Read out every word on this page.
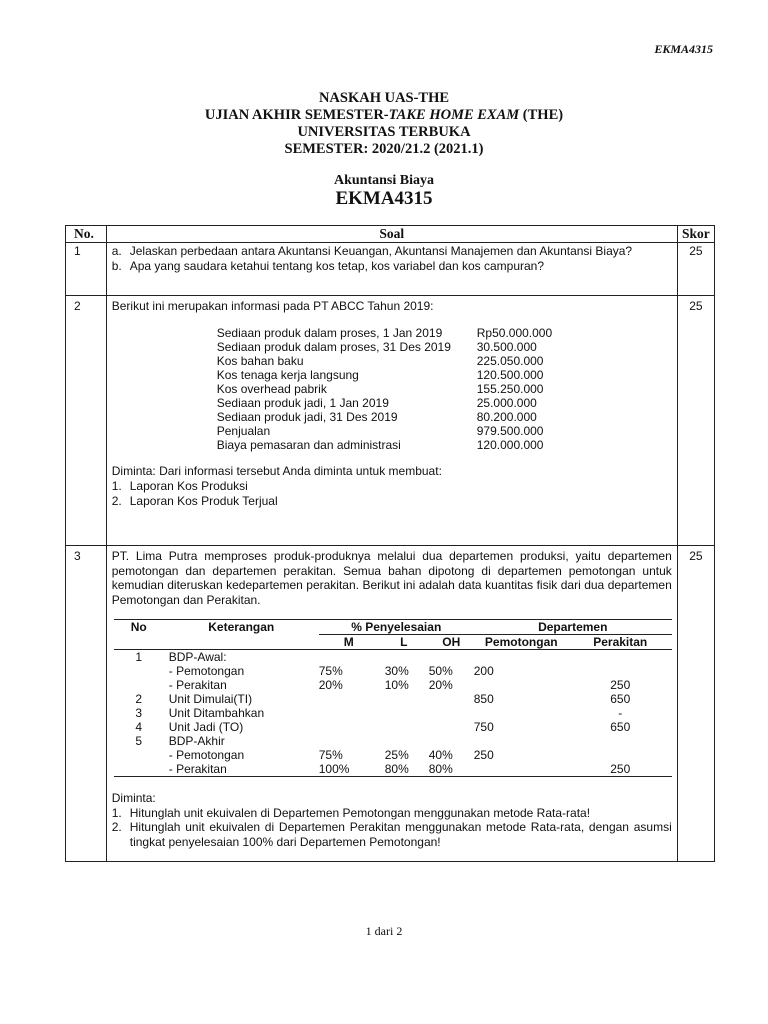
EKMA4315
NASKAH UAS-THE
UJIAN AKHIR SEMESTER-TAKE HOME EXAM (THE)
UNIVERSITAS TERBUKA
SEMESTER: 2020/21.2 (2021.1)
Akuntansi Biaya
EKMA4315
No.	Soal	Skor
1	a. Jelaskan perbedaan antara Akuntansi Keuangan, Akuntansi Manajemen dan Akuntansi Biaya?
b. Apa yang saudara ketahui tentang kos tetap, kos variabel dan kos campuran?
	25
2	Berikut ini merupakan informasi pada PT ABCC Tahun 2019:
Sediaan produk dalam proses, 1 Jan 2019	Rp50.000.000
Sediaan produk dalam proses, 31 Des 2019	30.500.000
Kos bahan baku	225.050.000
Kos tenaga kerja langsung	120.500.000
Kos overhead pabrik	155.250.000
Sediaan produk jadi, 1 Jan 2019	25.000.000
Sediaan produk jadi, 31 Des 2019	80.200.000
Penjualan	979.500.000
Biaya pemasaran dan administrasi	120.000.000
Diminta: Dari informasi tersebut Anda diminta untuk membuat:
1. Laporan Kos Produksi
2. Laporan Kos Produk Terjual
	25
3	PT. Lima Putra memproses produk-produknya melalui dua departemen produksi, yaitu departemen pemotongan dan departemen perakitan. Semua bahan dipotong di departemen pemotongan untuk kemudian diteruskan kedepartemen perakitan. Berikut ini adalah data kuantitas fisik dari dua departemen Pemotongan dan Perakitan.
No	Keterangan	% Penyelesaian	Departemen
		M	L	OH	Pemotongan	Perakitan
1	BDP-Awal:					
	- Pemotongan	75%	30%	50%	200	
	- Perakitan	20%	10%	20%		250
2	Unit Dimulai(TI)				850	650
3	Unit Ditambahkan					-
4	Unit Jadi (TO)				750	650
5	BDP-Akhir					
	- Pemotongan	75%	25%	40%	250	
	- Perakitan	100%	80%	80%		250
Diminta:
1. Hitunglah unit ekuivalen di Departemen Pemotongan menggunakan metode Rata-rata!
2. Hitunglah unit ekuivalen di Departemen Perakitan menggunakan metode Rata-rata, dengan asumsi tingkat penyelesaian 100% dari Departemen Pemotongan!
	25
1 dari 2
